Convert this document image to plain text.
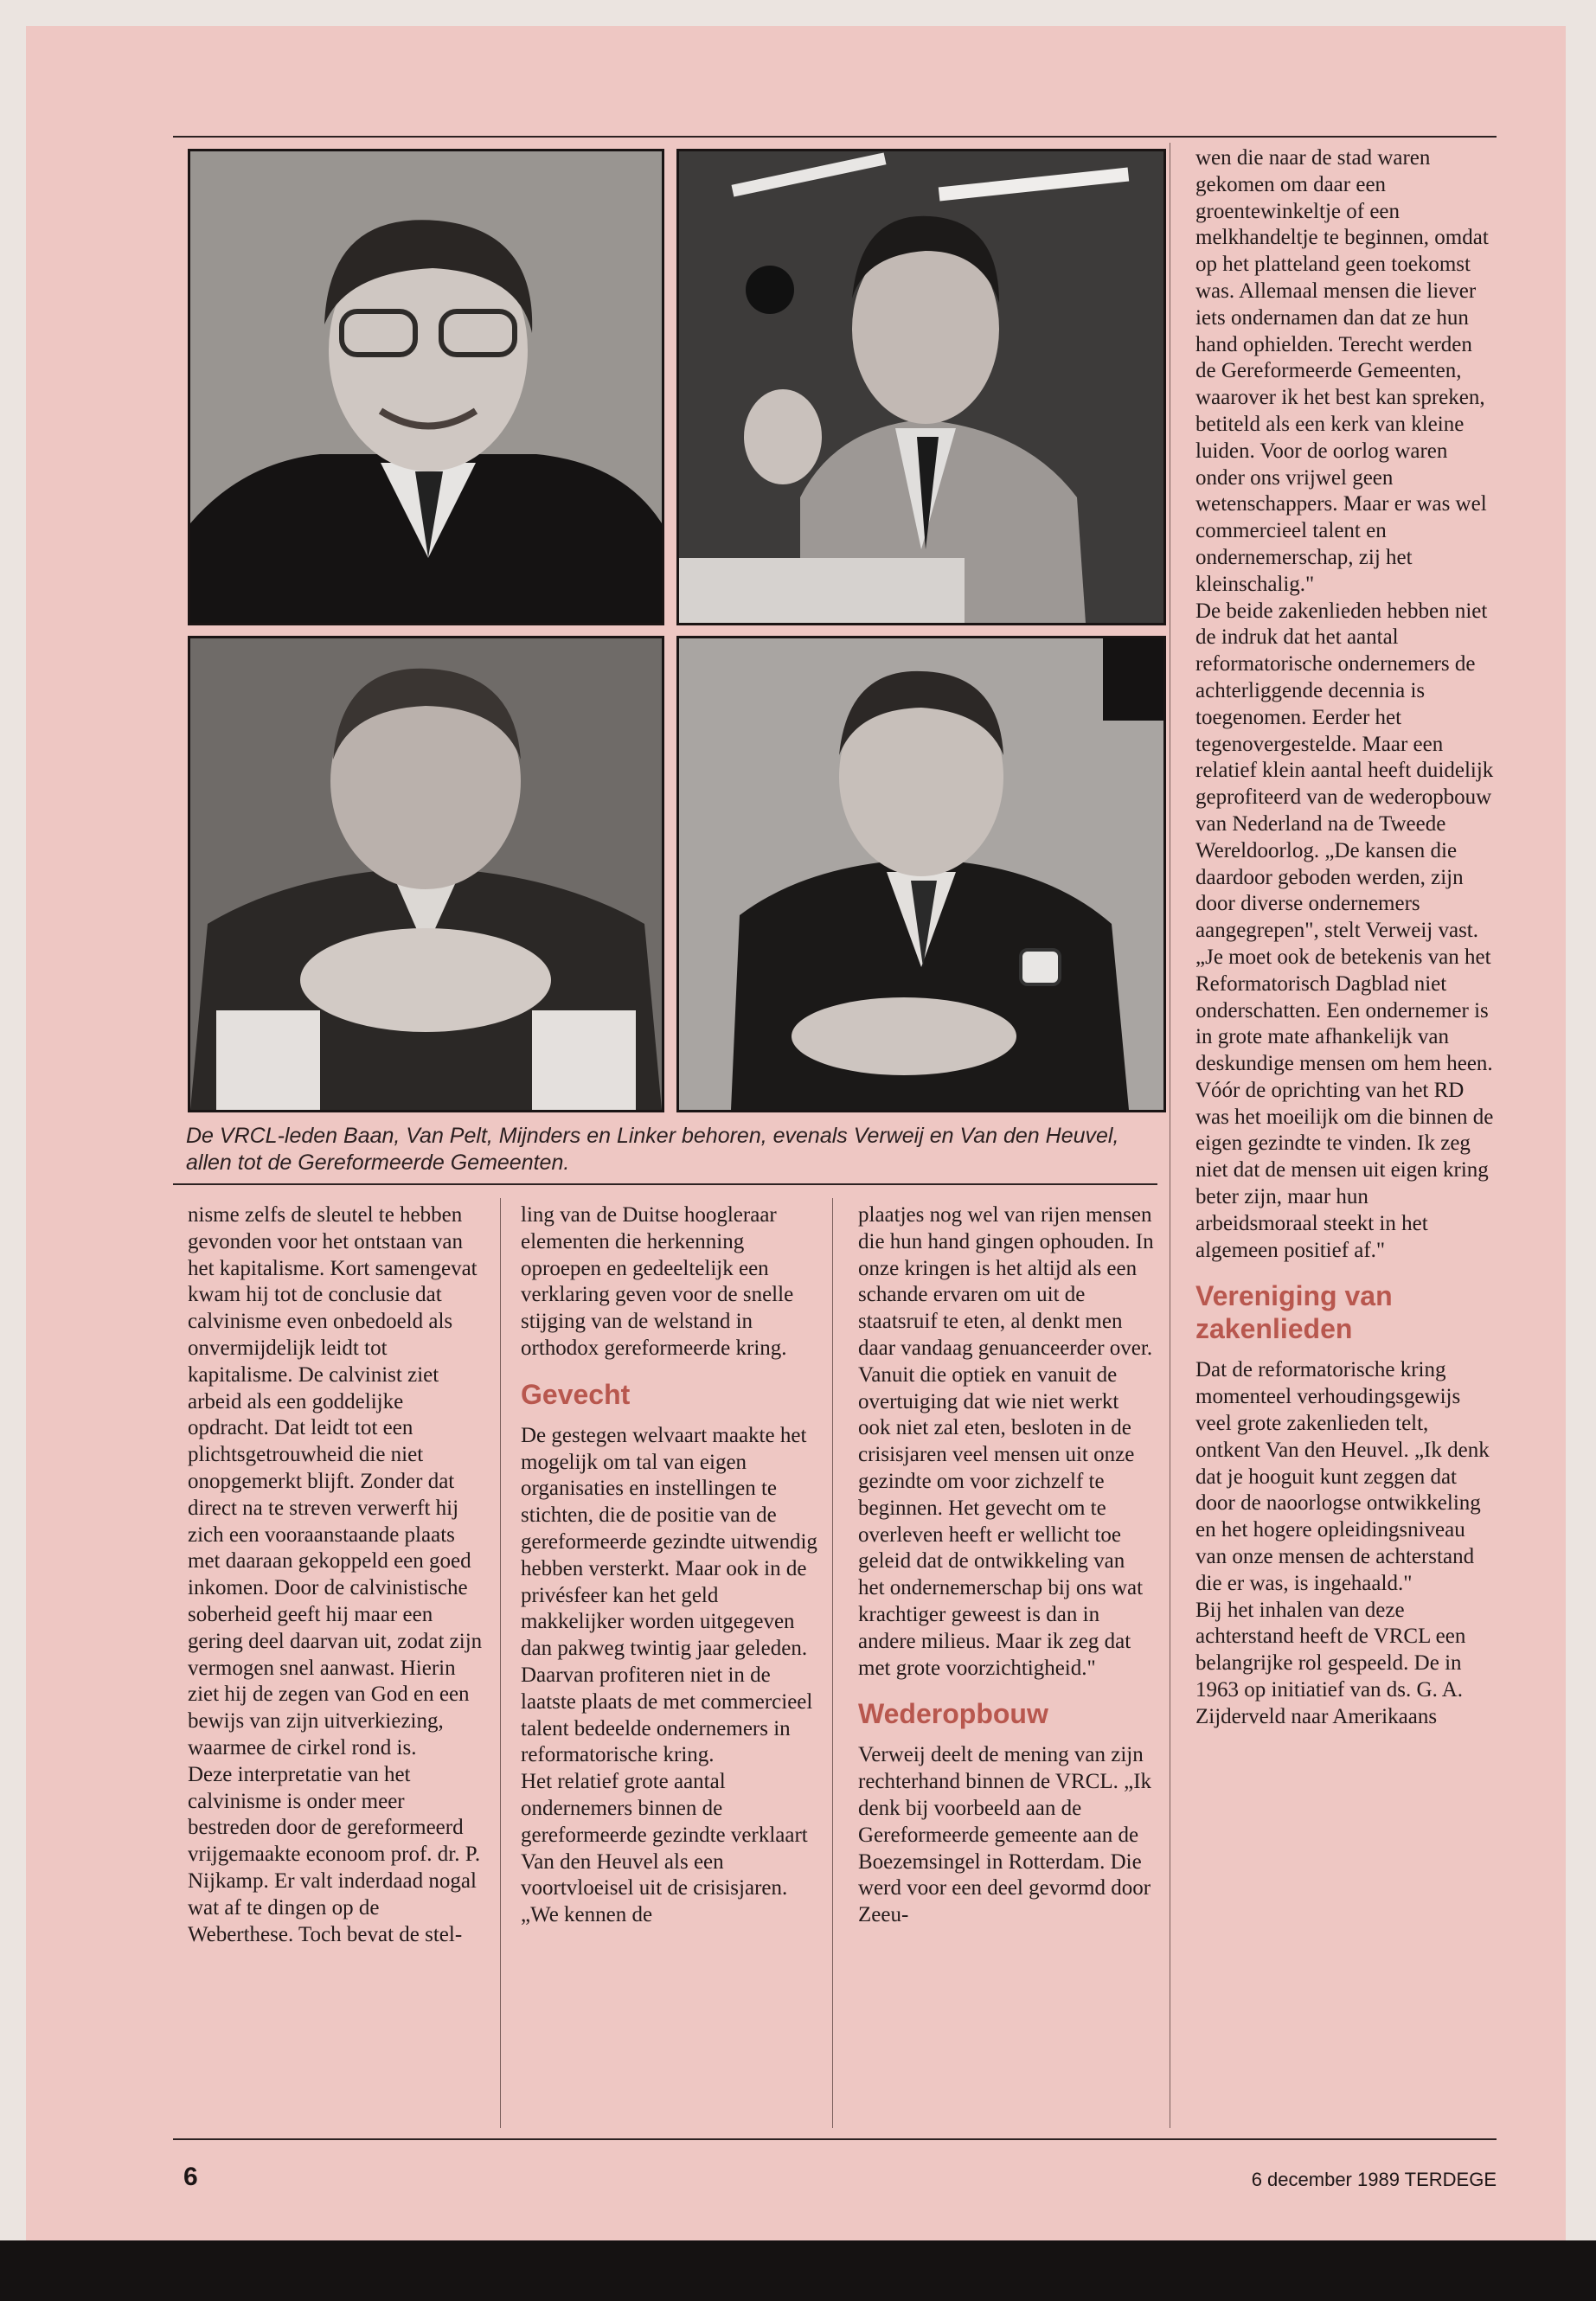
De VRCL-leden Baan, Van Pelt, Mijnders en Linker behoren, evenals Verweij en Van den Heuvel, allen tot de Gereformeerde Gemeenten.

nisme zelfs de sleutel te hebben gevonden voor het ontstaan van het kapitalisme. Kort samengevat kwam hij tot de conclusie dat calvinisme even onbedoeld als onvermijdelijk leidt tot kapitalisme. De calvinist ziet arbeid als een goddelijke opdracht. Dat leidt tot een plichtsgetrouwheid die niet onopgemerkt blijft. Zonder dat direct na te streven verwerft hij zich een vooraanstaande plaats met daaraan gekoppeld een goed inkomen. Door de calvinistische soberheid geeft hij maar een gering deel daarvan uit, zodat zijn vermogen snel aanwast. Hierin ziet hij de zegen van God en een bewijs van zijn uitverkiezing, waarmee de cirkel rond is.

Deze interpretatie van het calvinisme is onder meer bestreden door de gereformeerd vrijgemaakte econoom prof. dr. P. Nijkamp. Er valt inderdaad nogal wat af te dingen op de Weberthese. Toch bevat de stel-

ling van de Duitse hoogleraar elementen die herkenning oproepen en gedeeltelijk een verklaring geven voor de snelle stijging van de welstand in orthodox gereformeerde kring.

Gevecht

De gestegen welvaart maakte het mogelijk om tal van eigen organisaties en instellingen te stichten, die de positie van de gereformeerde gezindte uitwendig hebben versterkt. Maar ook in de privésfeer kan het geld makkelijker worden uitgegeven dan pakweg twintig jaar geleden. Daarvan profiteren niet in de laatste plaats de met commercieel talent bedeelde ondernemers in reformatorische kring.

Het relatief grote aantal ondernemers binnen de gereformeerde gezindte verklaart Van den Heuvel als een voortvloeisel uit de crisisjaren. „We kennen de

plaatjes nog wel van rijen mensen die hun hand gingen ophouden. In onze kringen is het altijd als een schande ervaren om uit de staatsruif te eten, al denkt men daar vandaag genuanceerder over. Vanuit die optiek en vanuit de overtuiging dat wie niet werkt ook niet zal eten, besloten in de crisisjaren veel mensen uit onze gezindte om voor zichzelf te beginnen. Het gevecht om te overleven heeft er wellicht toe geleid dat de ontwikkeling van het ondernemerschap bij ons wat krachtiger geweest is dan in andere milieus. Maar ik zeg dat met grote voorzichtigheid."

Wederopbouw

Verweij deelt de mening van zijn rechterhand binnen de VRCL. „Ik denk bij voorbeeld aan de Gereformeerde gemeente aan de Boezemsingel in Rotterdam. Die werd voor een deel gevormd door Zeeu-

wen die naar de stad waren gekomen om daar een groentewinkeltje of een melkhandeltje te beginnen, omdat op het platteland geen toekomst was. Allemaal mensen die liever iets ondernamen dan dat ze hun hand ophielden. Terecht werden de Gereformeerde Gemeenten, waarover ik het best kan spreken, betiteld als een kerk van kleine luiden. Voor de oorlog waren onder ons vrijwel geen wetenschappers. Maar er was wel commercieel talent en ondernemerschap, zij het kleinschalig."

De beide zakenlieden hebben niet de indruk dat het aantal reformatorische ondernemers de achterliggende decennia is toegenomen. Eerder het tegenovergestelde. Maar een relatief klein aantal heeft duidelijk geprofiteerd van de wederopbouw van Nederland na de Tweede Wereldoorlog. „De kansen die daardoor geboden werden, zijn door diverse ondernemers aangegrepen", stelt Verweij vast. „Je moet ook de betekenis van het Reformatorisch Dagblad niet onderschatten. Een ondernemer is in grote mate afhankelijk van deskundige mensen om hem heen. Vóór de oprichting van het RD was het moeilijk om die binnen de eigen gezindte te vinden. Ik zeg niet dat de mensen uit eigen kring beter zijn, maar hun arbeidsmoraal steekt in het algemeen positief af."

Vereniging van zakenlieden

Dat de reformatorische kring momenteel verhoudingsgewijs veel grote zakenlieden telt, ontkent Van den Heuvel. „Ik denk dat je hooguit kunt zeggen dat door de naoorlogse ontwikkeling en het hogere opleidingsniveau van onze mensen de achterstand die er was, is ingehaald."

Bij het inhalen van deze achterstand heeft de VRCL een belangrijke rol gespeeld. De in 1963 op initiatief van ds. G. A. Zijderveld naar Amerikaans

6	6 december 1989 TERDEGE
